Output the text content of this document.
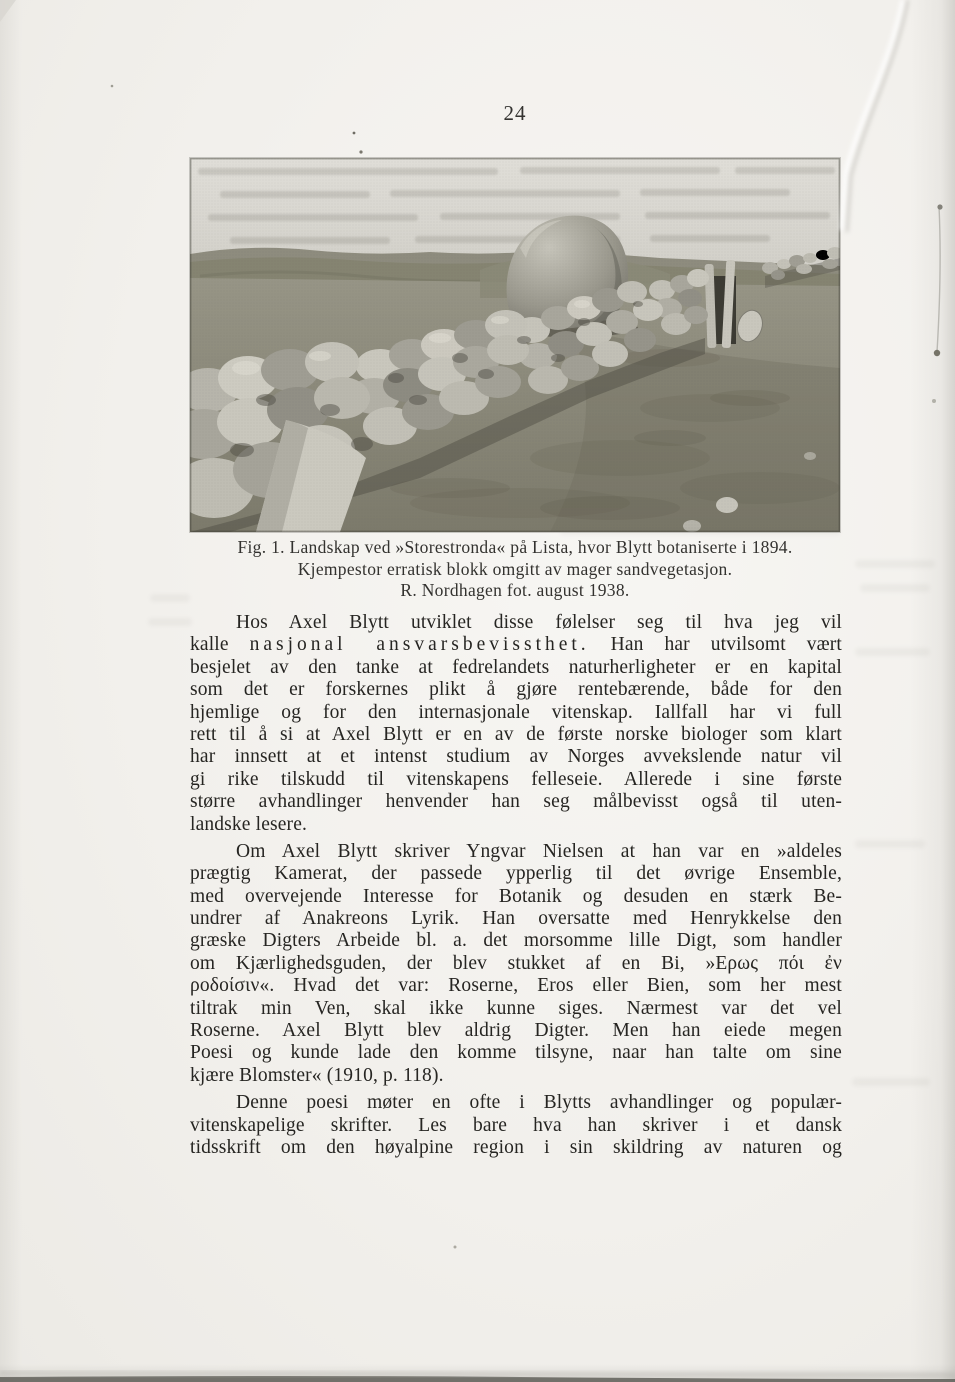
24
Fig. 1. Landskap ved »Storestronda« på Lista, hvor Blytt botaniserte i 1894.
Kjempestor erratisk blokk omgitt av mager sandvegetasjon.
R. Nordhagen fot. august 1938.
Hos Axel Blytt utviklet disse følelser seg til hva jeg vil
kalle nasjonal ansvarsbevissthet. Han har utvilsomt vært
besjelet av den tanke at fedrelandets naturherligheter er en kapital
som det er forskernes plikt å gjøre rentebærende, både for den
hjemlige og for den internasjonale vitenskap. Iallfall har vi full
rett til å si at Axel Blytt er en av de første norske biologer som klart
har innsett at et intenst studium av Norges avvekslende natur vil
gi rike tilskudd til vitenskapens felleseie. Allerede i sine første
større avhandlinger henvender han seg målbevisst også til uten-
landske lesere.
Om Axel Blytt skriver Yngvar Nielsen at han var en »aldeles
prægtig Kamerat, der passede ypperlig til det øvrige Ensemble,
med overvejende Interesse for Botanik og desuden en stærk Be-
undrer af Anakreons Lyrik. Han oversatte med Henrykkelse den
græske Digters Arbeide bl. a. det morsomme lille Digt, som handler
om Kjærlighedsguden, der blev stukket af en Bi, »Ερως πόι ἐν
ροδοίσιν«. Hvad det var: Roserne, Eros eller Bien, som her mest
tiltrak min Ven, skal ikke kunne siges. Nærmest var det vel
Roserne. Axel Blytt blev aldrig Digter. Men han eiede megen
Poesi og kunde lade den komme tilsyne, naar han talte om sine
kjære Blomster« (1910, p. 118).
Denne poesi møter en ofte i Blytts avhandlinger og populær-
vitenskapelige skrifter. Les bare hva han skriver i et dansk
tidsskrift om den høyalpine region i sin skildring av naturen og
